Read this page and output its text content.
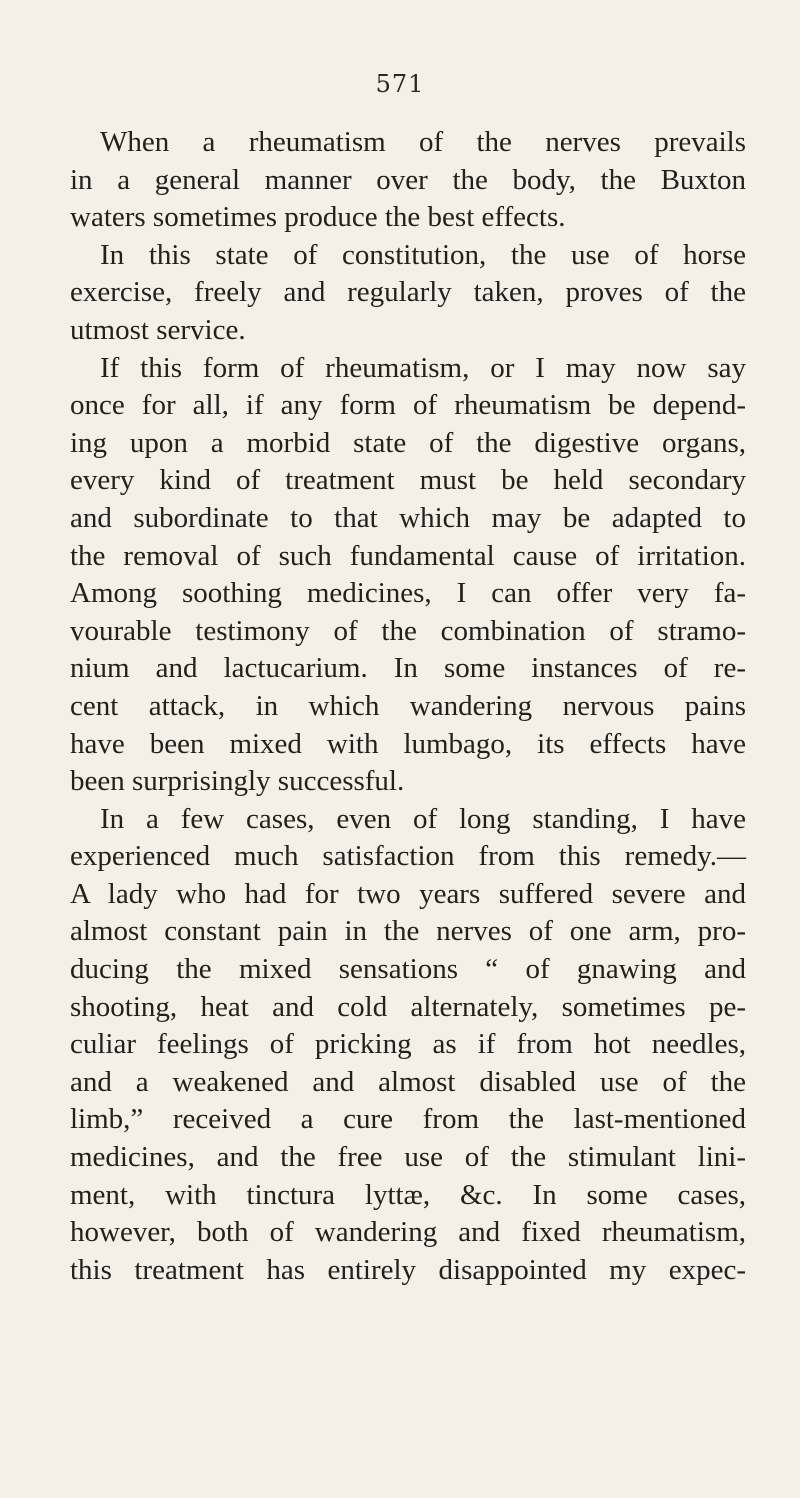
571
When a rheumatism of the nerves prevails
in a general manner over the body, the Buxton
waters sometimes produce the best effects.
In this state of constitution, the use of horse
exercise, freely and regularly taken, proves of the
utmost service.
If this form of rheumatism, or I may now say
once for all, if any form of rheumatism be depend-
ing upon a morbid state of the digestive organs,
every kind of treatment must be held secondary
and subordinate to that which may be adapted to
the removal of such fundamental cause of irritation.
Among soothing medicines, I can offer very fa-
vourable testimony of the combination of stramo-
nium and lactucarium. In some instances of re-
cent attack, in which wandering nervous pains
have been mixed with lumbago, its effects have
been surprisingly successful.
In a few cases, even of long standing, I have
experienced much satisfaction from this remedy.—
A lady who had for two years suffered severe and
almost constant pain in the nerves of one arm, pro-
ducing the mixed sensations “ of gnawing and
shooting, heat and cold alternately, sometimes pe-
culiar feelings of pricking as if from hot needles,
and a weakened and almost disabled use of the
limb,” received a cure from the last-mentioned
medicines, and the free use of the stimulant lini-
ment, with tinctura lyttæ, &c. In some cases,
however, both of wandering and fixed rheumatism,
this treatment has entirely disappointed my expec-
